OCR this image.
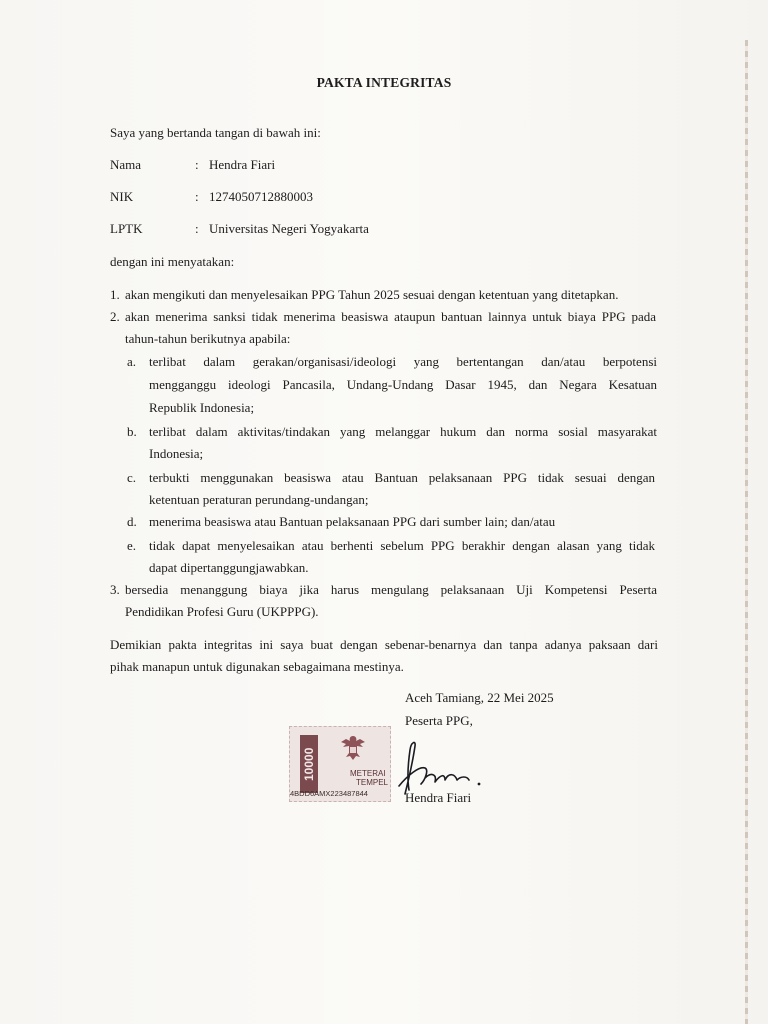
PAKTA INTEGRITAS
Saya yang bertanda tangan di bawah ini:
Nama	: Hendra Fiari
NIK	: 1274050712880003
LPTK	: Universitas Negeri Yogyakarta
dengan ini menyatakan:
1. akan mengikuti dan menyelesaikan PPG Tahun 2025 sesuai dengan ketentuan yang ditetapkan.
2. akan menerima sanksi tidak menerima beasiswa ataupun bantuan lainnya untuk biaya PPG pada
tahun-tahun berikutnya apabila:
a. terlibat dalam gerakan/organisasi/ideologi yang bertentangan dan/atau berpotensi
mengganggu ideologi Pancasila, Undang-Undang Dasar 1945, dan Negara Kesatuan
Republik Indonesia;
b. terlibat dalam aktivitas/tindakan yang melanggar hukum dan norma sosial masyarakat
Indonesia;
c. terbukti menggunakan beasiswa atau Bantuan pelaksanaan PPG tidak sesuai dengan
ketentuan peraturan perundang-undangan;
d. menerima beasiswa atau Bantuan pelaksanaan PPG dari sumber lain; dan/atau
e. tidak dapat menyelesaikan atau berhenti sebelum PPG berakhir dengan alasan yang tidak
dapat dipertanggungjawabkan.
3. bersedia menanggung biaya jika harus mengulang pelaksanaan Uji Kompetensi Peserta
Pendidikan Profesi Guru (UKPPPG).
Demikian pakta integritas ini saya buat dengan sebenar-benarnya dan tanpa adanya paksaan dari
pihak manapun untuk digunakan sebagaimana mestinya.
Aceh Tamiang, 22 Mei 2025
Peserta PPG,
10000	METERAI
TEMPEL
4BDD6AMX223487844	Hendra Fiari
